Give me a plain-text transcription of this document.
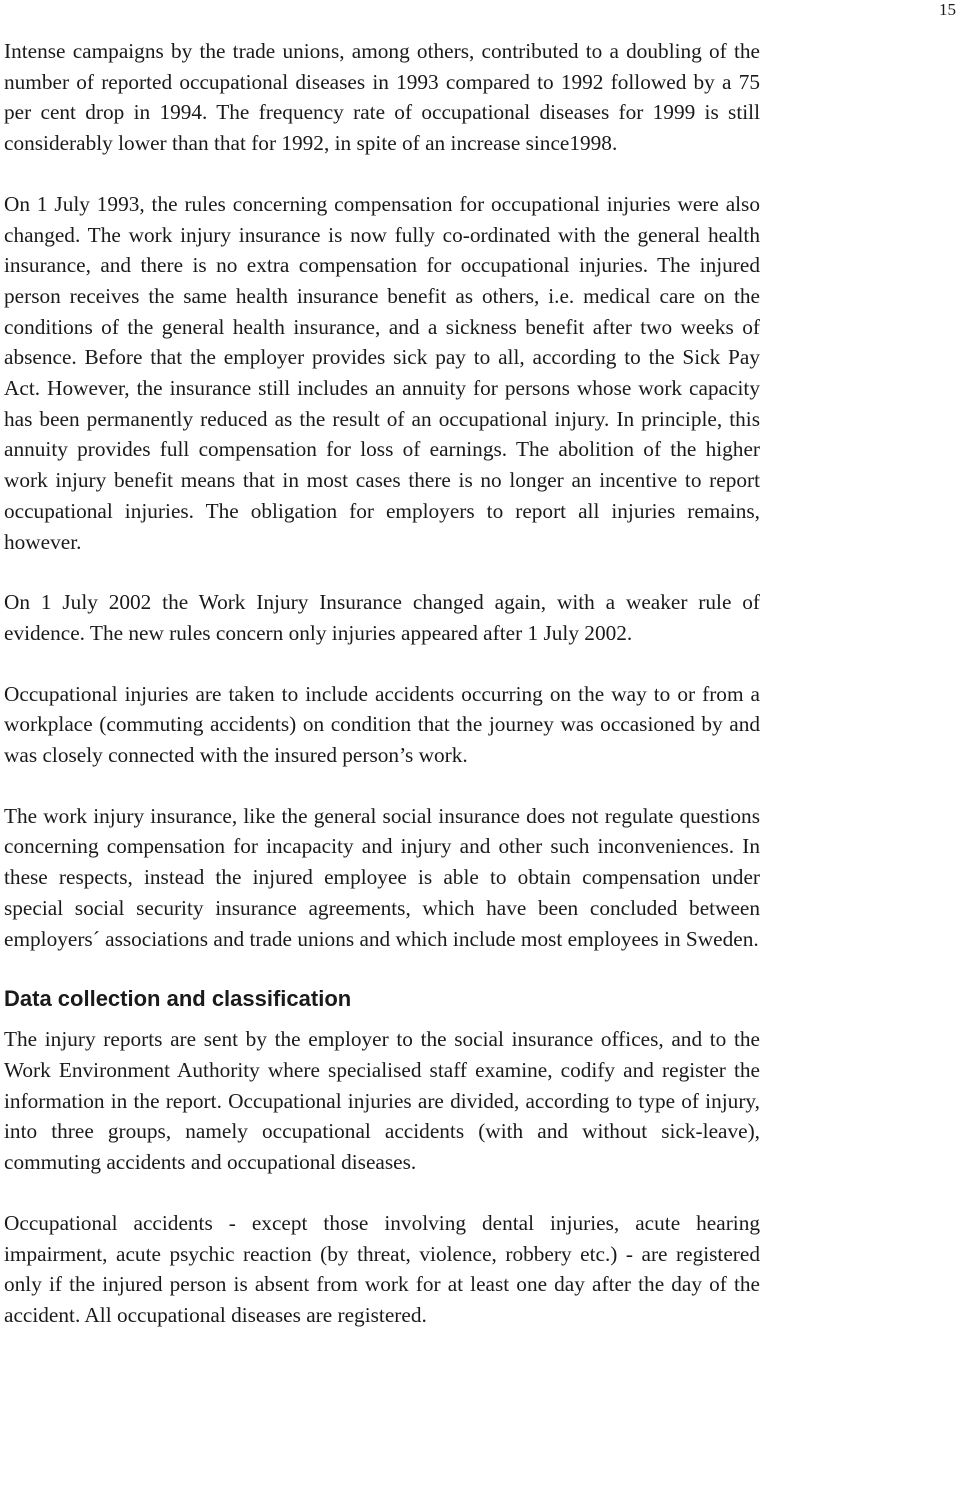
15

Intense campaigns by the trade unions, among others, contributed to a doubling of the number of reported occupational diseases in 1993 compared to 1992 followed by a 75 per cent drop in 1994. The frequency rate of occupational diseases for 1999 is still considerably lower than that for 1992, in spite of an increase since1998.

On 1 July 1993, the rules concerning compensation for occupational injuries were also changed. The work injury insurance is now fully co-ordinated with the general health insurance, and there is no extra compensation for occupational injuries. The injured person receives the same health insurance benefit as others, i.e. medical care on the conditions of the general health insurance, and a sickness benefit after two weeks of absence. Before that the employer provides sick pay to all, according to the Sick Pay Act. However, the insurance still includes an annuity for persons whose work capacity has been permanently reduced as the result of an occupational injury. In principle, this annuity provides full compensation for loss of earnings. The abolition of the higher work injury benefit means that in most cases there is no longer an incentive to report occupational injuries. The obligation for employers to report all injuries remains, however.

On 1 July 2002 the Work Injury Insurance changed again, with a weaker rule of evidence. The new rules concern only injuries appeared after 1 July 2002.

Occupational injuries are taken to include accidents occurring on the way to or from a workplace (commuting accidents) on condition that the journey was occasioned by and was closely connected with the insured person’s work.

The work injury insurance, like the general social insurance does not regulate questions concerning compensation for incapacity and injury and other such inconveniences. In these respects, instead the injured employee is able to obtain compensation under special social security insurance agreements, which have been concluded between employers´ associations and trade unions and which include most employees in Sweden.

Data collection and classification

The injury reports are sent by the employer to the social insurance offices, and to the Work Environment Authority where specialised staff examine, codify and register the information in the report. Occupational injuries are divided, according to type of injury, into three groups, namely occupational accidents (with and without sick-leave), commuting accidents and occupational diseases.

Occupational accidents - except those involving dental injuries, acute hearing impairment, acute psychic reaction (by threat, violence, robbery etc.) - are registered only if the injured person is absent from work for at least one day after the day of the accident. All occupational diseases are registered.
